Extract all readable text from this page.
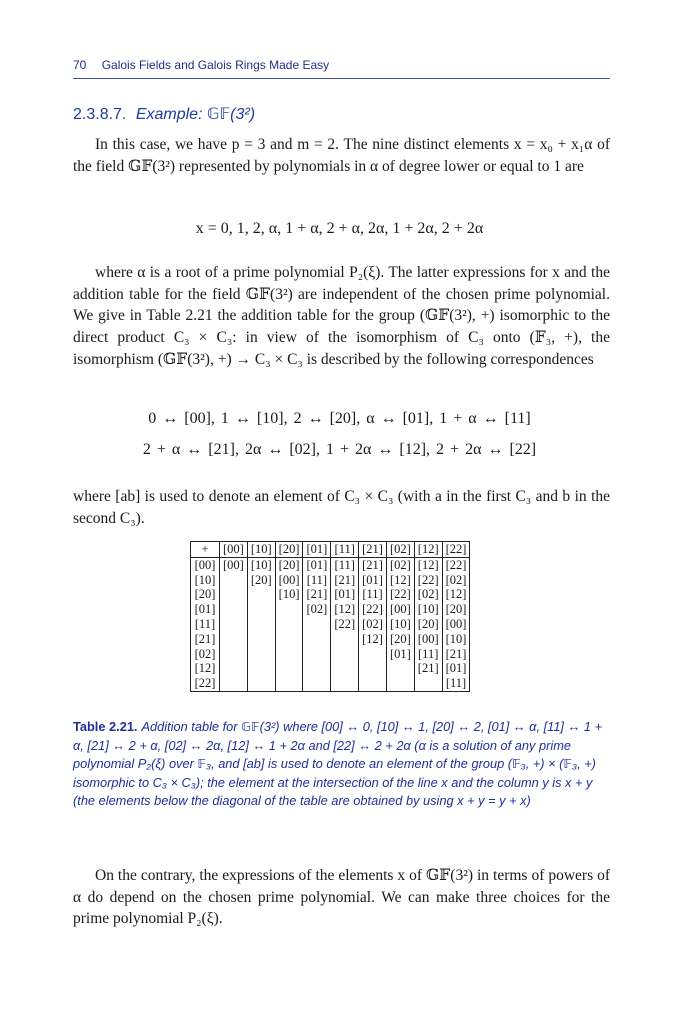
70 Galois Fields and Galois Rings Made Easy
2.3.8.7. Example: 𝔾𝔽(3²)

In this case, we have p = 3 and m = 2. The nine distinct elements x = x₀ + x₁α of the field 𝔾𝔽(3²) represented by polynomials in α of degree lower or equal to 1 are

x = 0, 1, 2, α, 1 + α, 2 + α, 2α, 1 + 2α, 2 + 2α

where α is a root of a prime polynomial P₂(ξ). The latter expressions for x and the addition table for the field 𝔾𝔽(3²) are independent of the chosen prime polynomial. We give in Table 2.21 the addition table for the group (𝔾𝔽(3²), +) isomorphic to the direct product C₃ × C₃: in view of the isomorphism of C₃ onto (𝔽₃, +), the isomorphism (𝔾𝔽(3²), +) → C₃ × C₃ is described by the following correspondences

0 ↔ [00], 1 ↔ [10], 2 ↔ [20], α ↔ [01], 1 + α ↔ [11]
2 + α ↔ [21], 2α ↔ [02], 1 + 2α ↔ [12], 2 + 2α ↔ [22]

where [ab] is used to denote an element of C₃ × C₃ (with a in the first C₃ and b in the second C₃).

+	[00]	[10]	[20]	[01]	[11]	[21]	[02]	[12]	[22]
[00]	[00]	[10]	[20]	[01]	[11]	[21]	[02]	[12]	[22]
[10]		[20]	[00]	[11]	[21]	[01]	[12]	[22]	[02]
[20]			[10]	[21]	[01]	[11]	[22]	[02]	[12]
[01]				[02]	[12]	[22]	[00]	[10]	[20]
[11]					[22]	[02]	[10]	[20]	[00]
[21]						[12]	[20]	[00]	[10]
[02]							[01]	[11]	[21]
[12]								[21]	[01]
[22]									[11]
Table 2.21. Addition table for 𝔾𝔽(3²) where [00] ↔ 0, [10] ↔ 1, [20] ↔ 2, [01] ↔ α, [11] ↔ 1 + α, [21] ↔ 2 + α, [02] ↔ 2α, [12] ↔ 1 + 2α and [22] ↔ 2 + 2α (α is a solution of any prime polynomial P₂(ξ) over 𝔽₃, and [ab] is used to denote an element of the group (𝔽₃, +) × (𝔽₃, +) isomorphic to C₃ × C₃); the element at the intersection of the line x and the column y is x + y (the elements below the diagonal of the table are obtained by using x + y = y + x)

On the contrary, the expressions of the elements x of 𝔾𝔽(3²) in terms of powers of α do depend on the chosen prime polynomial. We can make three choices for the prime polynomial P₂(ξ).
